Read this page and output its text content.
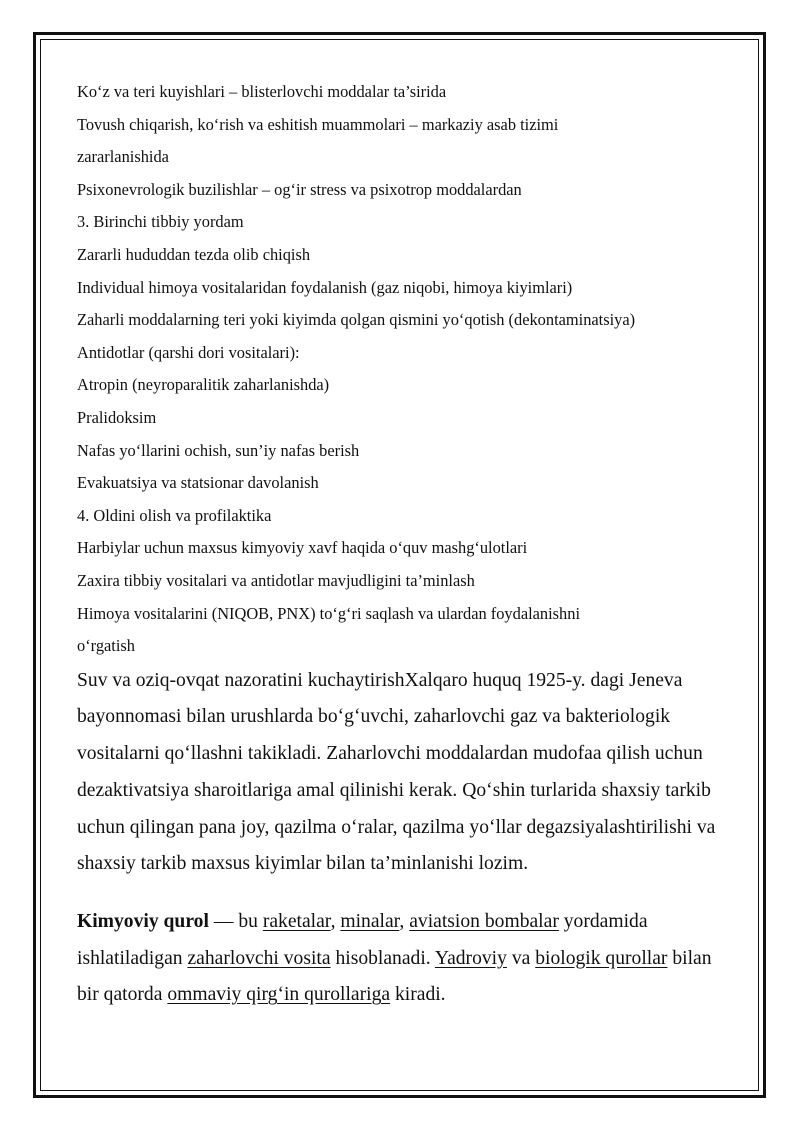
Ko‘z va teri kuyishlari – blisterlovchi moddalar ta’sirida
Tovush chiqarish, ko‘rish va eshitish muammolari – markaziy asab tizimi
zararlanishida
Psixonevrologik buzilishlar – og‘ir stress va psixotrop moddalardan
3. Birinchi tibbiy yordam
Zararli hududdan tezda olib chiqish
Individual himoya vositalaridan foydalanish (gaz niqobi, himoya kiyimlari)
Zaharli moddalarning teri yoki kiyimda qolgan qismini yo‘qotish (dekontaminatsiya)
Antidotlar (qarshi dori vositalari):
Atropin (neyroparalitik zaharlanishda)
Pralidoksim
Nafas yo‘llarini ochish, sun’iy nafas berish
Evakuatsiya va statsionar davolanish
4. Oldini olish va profilaktika
Harbiylar uchun maxsus kimyoviy xavf haqida o‘quv mashg‘ulotlari
Zaxira tibbiy vositalari va antidotlar mavjudligini ta’minlash
Himoya vositalarini (NIQOB, PNX) to‘g‘ri saqlash va ulardan foydalanishni
o‘rgatish

Suv va oziq-ovqat nazoratini kuchaytirishXalqaro huquq 1925-y. dagi Jeneva bayonnomasi bilan urushlarda bo‘g‘uvchi, zaharlovchi gaz va bakteriologik vositalarni qo‘llashni takikladi. Zaharlovchi moddalardan mudofaa qilish uchun dezaktivatsiya sharoitlariga amal qilinishi kerak. Qo‘shin turlarida shaxsiy tarkib uchun qilingan pana joy, qazilma o‘ralar, qazilma yo‘llar degazsiyalashtirilishi va shaxsiy tarkib maxsus kiyimlar bilan ta’minlanishi lozim.

Kimyoviy qurol — bu raketalar, minalar, aviatsion bombalar yordamida ishlatiladigan zaharlovchi vosita hisoblanadi. Yadroviy va biologik qurollar bilan bir qatorda ommaviy qirg‘in qurollariga kiradi.
